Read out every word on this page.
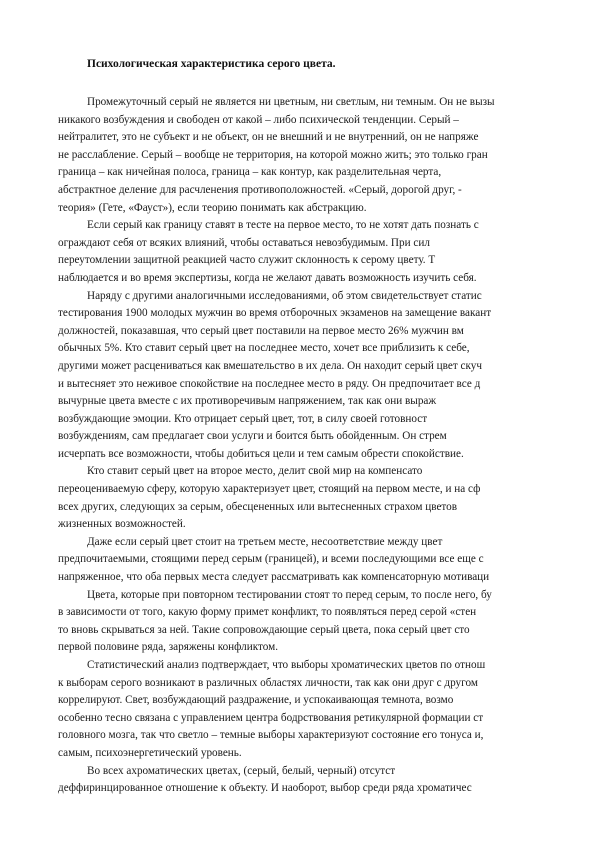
Психологическая характеристика серого цвета.
Промежуточный серый не является ни цветным, ни светлым, ни темным. Он не вызы
никакого возбуждения и свободен от какой – либо психической тенденции. Серый –
нейтралитет, это не субъект и не объект, он не внешний и не внутренний, он не напряже
не расслабление. Серый – вообще не территория, на которой можно жить; это только гран
граница – как ничейная полоса, граница – как контур, как разделительная черта,
абстрактное деление для расчленения противоположностей. «Серый, дорогой друг, -
теория» (Гете, «Фауст»), если теорию понимать как абстракцию.
Если серый как границу ставят в тесте на первое место, то не хотят дать познать с
ограждают себя от всяких влияний, чтобы оставаться невозбудимым. При сил
переутомлении защитной реакцией часто служит склонность к серому цвету. Т
наблюдается и во время экспертизы, когда не желают давать возможность изучить себя.
Наряду с другими аналогичными исследованиями, об этом свидетельствует статис
тестирования 1900 молодых мужчин во время отборочных экзаменов на замещение вакант
должностей, показавшая, что серый цвет поставили на первое место 26% мужчин вм
обычных 5%. Кто ставит серый цвет на последнее место, хочет все приблизить к себе,
другими может расцениваться как вмешательство в их дела. Он находит серый цвет скуч
и вытесняет это неживое спокойствие на последнее место в ряду. Он предпочитает все д
вычурные цвета вместе с их противоречивым напряжением, так как они выраж
возбуждающие эмоции. Кто отрицает серый цвет, тот, в силу своей готовност
возбуждениям, сам предлагает свои услуги и боится быть обойденным. Он стрем
исчерпать все возможности, чтобы добиться цели и тем самым обрести спокойствие.
Кто ставит серый цвет на второе место, делит свой мир на компенсато
переоцениваемую сферу, которую характеризует цвет, стоящий на первом месте, и на сф
всех других, следующих за серым, обесцененных или вытесненных страхом цветов
жизненных возможностей.
Даже если серый цвет стоит на третьем месте, несоответствие между цвет
предпочитаемыми, стоящими перед серым (границей), и всеми последующими все еще с
напряженное, что оба первых места следует рассматривать как компенсаторную мотиваци
Цвета, которые при повторном тестировании стоят то перед серым, то после него, бу
в зависимости от того, какую форму примет конфликт, то появляться перед серой «стен
то вновь скрываться за ней. Такие сопровождающие серый цвета, пока серый цвет сто
первой половине ряда, заряжены конфликтом.
Статистический анализ подтверждает, что выборы хроматических цветов по отнош
к выборам серого возникают в различных областях личности, так как они друг с другом
коррелируют. Свет, возбуждающий раздражение, и успокаивающая темнота, возмо
особенно тесно связана с управлением центра бодрствования ретикулярной формации ст
головного мозга, так что светло – темные выборы характеризуют состояние его тонуса и,
самым, психоэнергетический уровень.
Во всех ахроматических цветах, (серый, белый, черный) отсутст
деффиринцированное отношение к объекту. И наоборот, выбор среди ряда хроматичес
